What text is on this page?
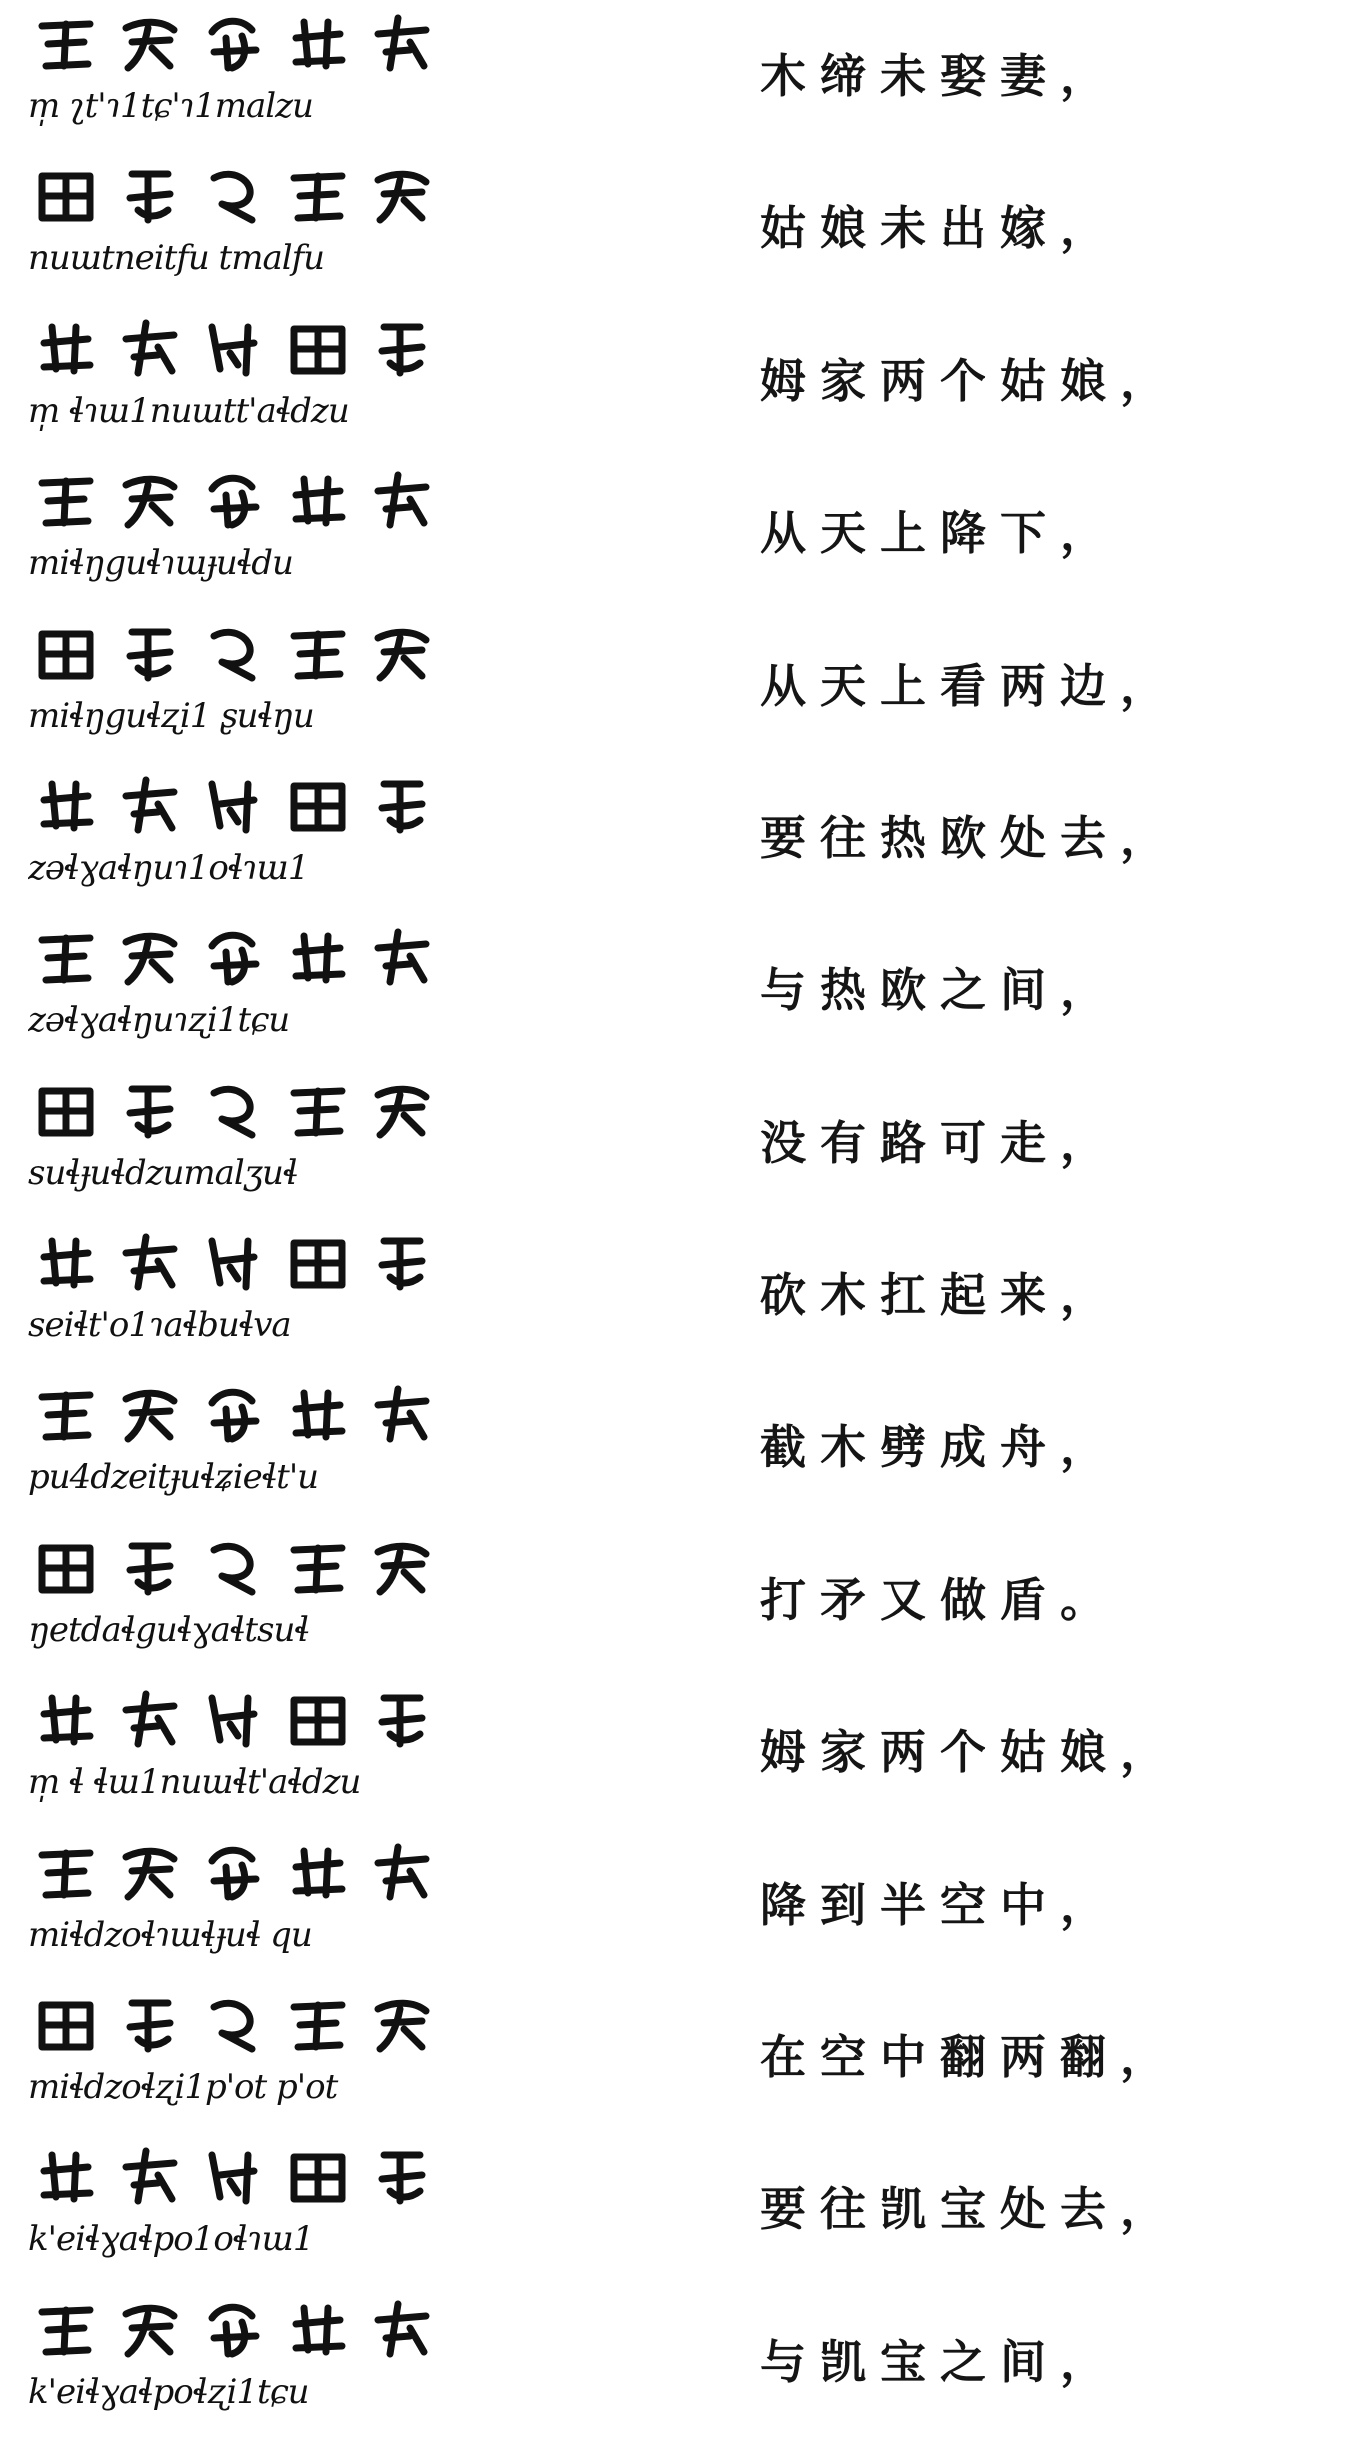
m̩ ʅt'ɿ1tɕ'ɿ1malzu
木缔未娶妻，
nuɯtneitfu tmalfu
姑娘未出嫁，
m̩ ɬɿɯ1nuɯtt'aɬdzu
姆家两个姑娘，
miɬŋguɬɿɯɟuɬdu
从天上降下，
miɬŋguɬʐi1 ʂuɬŋu
从天上看两边，
zəɬɣaɬŋuɿ1oɬɿɯ1
要往热欧处去，
zəɬɣaɬŋuɿʐi1tɕu
与热欧之间，
suɬɟuɬdzumalʒuɬ
没有路可走，
seiɬt'o1ɿaɬbuɬva
砍木扛起来，
pu4dzeitɟuɬʑieɬt'u
截木劈成舟，
ŋetdaɬguɬɣaɬtsuɬ
打矛又做盾。
m̩ ɬ ɬɯ1nuɯɬt'aɬdzu
姆家两个姑娘，
miɬdzoɬɿɯɬɟuɬ qu
降到半空中，
miɬdzoɬʐi1p'ot p'ot
在空中翻两翻，
k'eiɬɣaɬpo1oɬɿɯ1
要往凯宝处去，
k'eiɬɣaɬpoɬʐi1tɕu
与凯宝之间，
